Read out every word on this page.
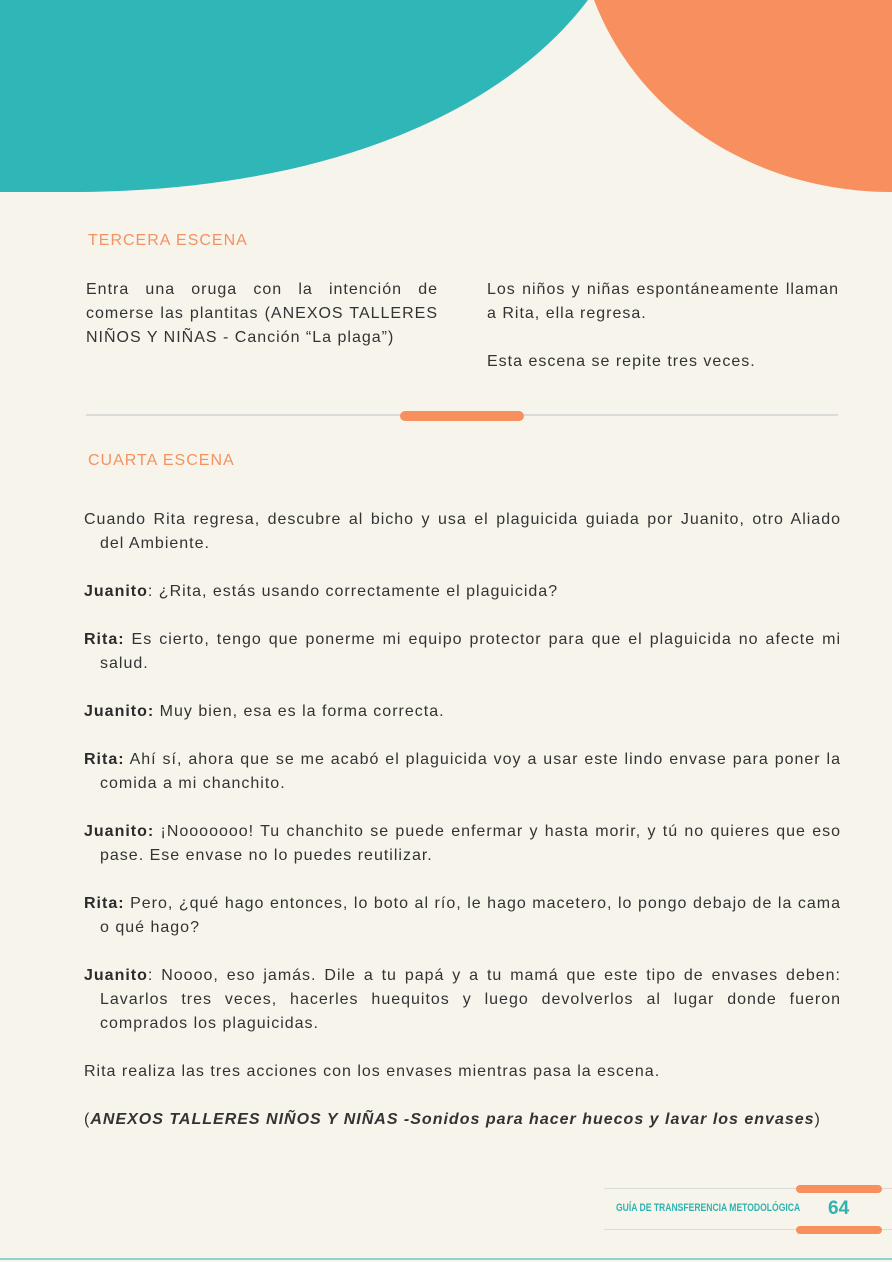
TERCERA ESCENA

Entra una oruga con la intención de comerse las plantitas (ANEXOS TALLERES NIÑOS Y NIÑAS - Canción “La plaga”)

Los niños y niñas espontáneamente llaman a Rita, ella regresa.

Esta escena se repite tres veces.

CUARTA ESCENA

Cuando Rita regresa, descubre al bicho y usa el plaguicida guiada por Juanito, otro Aliado del Ambiente.

Juanito: ¿Rita, estás usando correctamente el plaguicida?

Rita: Es cierto, tengo que ponerme mi equipo protector para que el plaguicida no afecte mi salud.

Juanito: Muy bien, esa es la forma correcta.

Rita: Ahí sí, ahora que se me acabó el plaguicida voy a usar este lindo envase para poner la comida a mi chanchito.

Juanito: ¡Nooooooo! Tu chanchito se puede enfermar y hasta morir, y tú no quieres que eso pase. Ese envase no lo puedes reutilizar.

Rita: Pero, ¿qué hago entonces, lo boto al río, le hago macetero, lo pongo debajo de la cama o qué hago?

Juanito: Noooo, eso jamás. Dile a tu papá y a tu mamá que este tipo de envases deben: Lavarlos tres veces, hacerles huequitos y luego devolverlos al lugar donde fueron comprados los plaguicidas.

Rita realiza las tres acciones con los envases mientras pasa la escena.

(ANEXOS TALLERES NIÑOS Y NIÑAS -Sonidos para hacer huecos y lavar los envases)

GUÍA DE TRANSFERENCIA METODOLÓGICA 64
